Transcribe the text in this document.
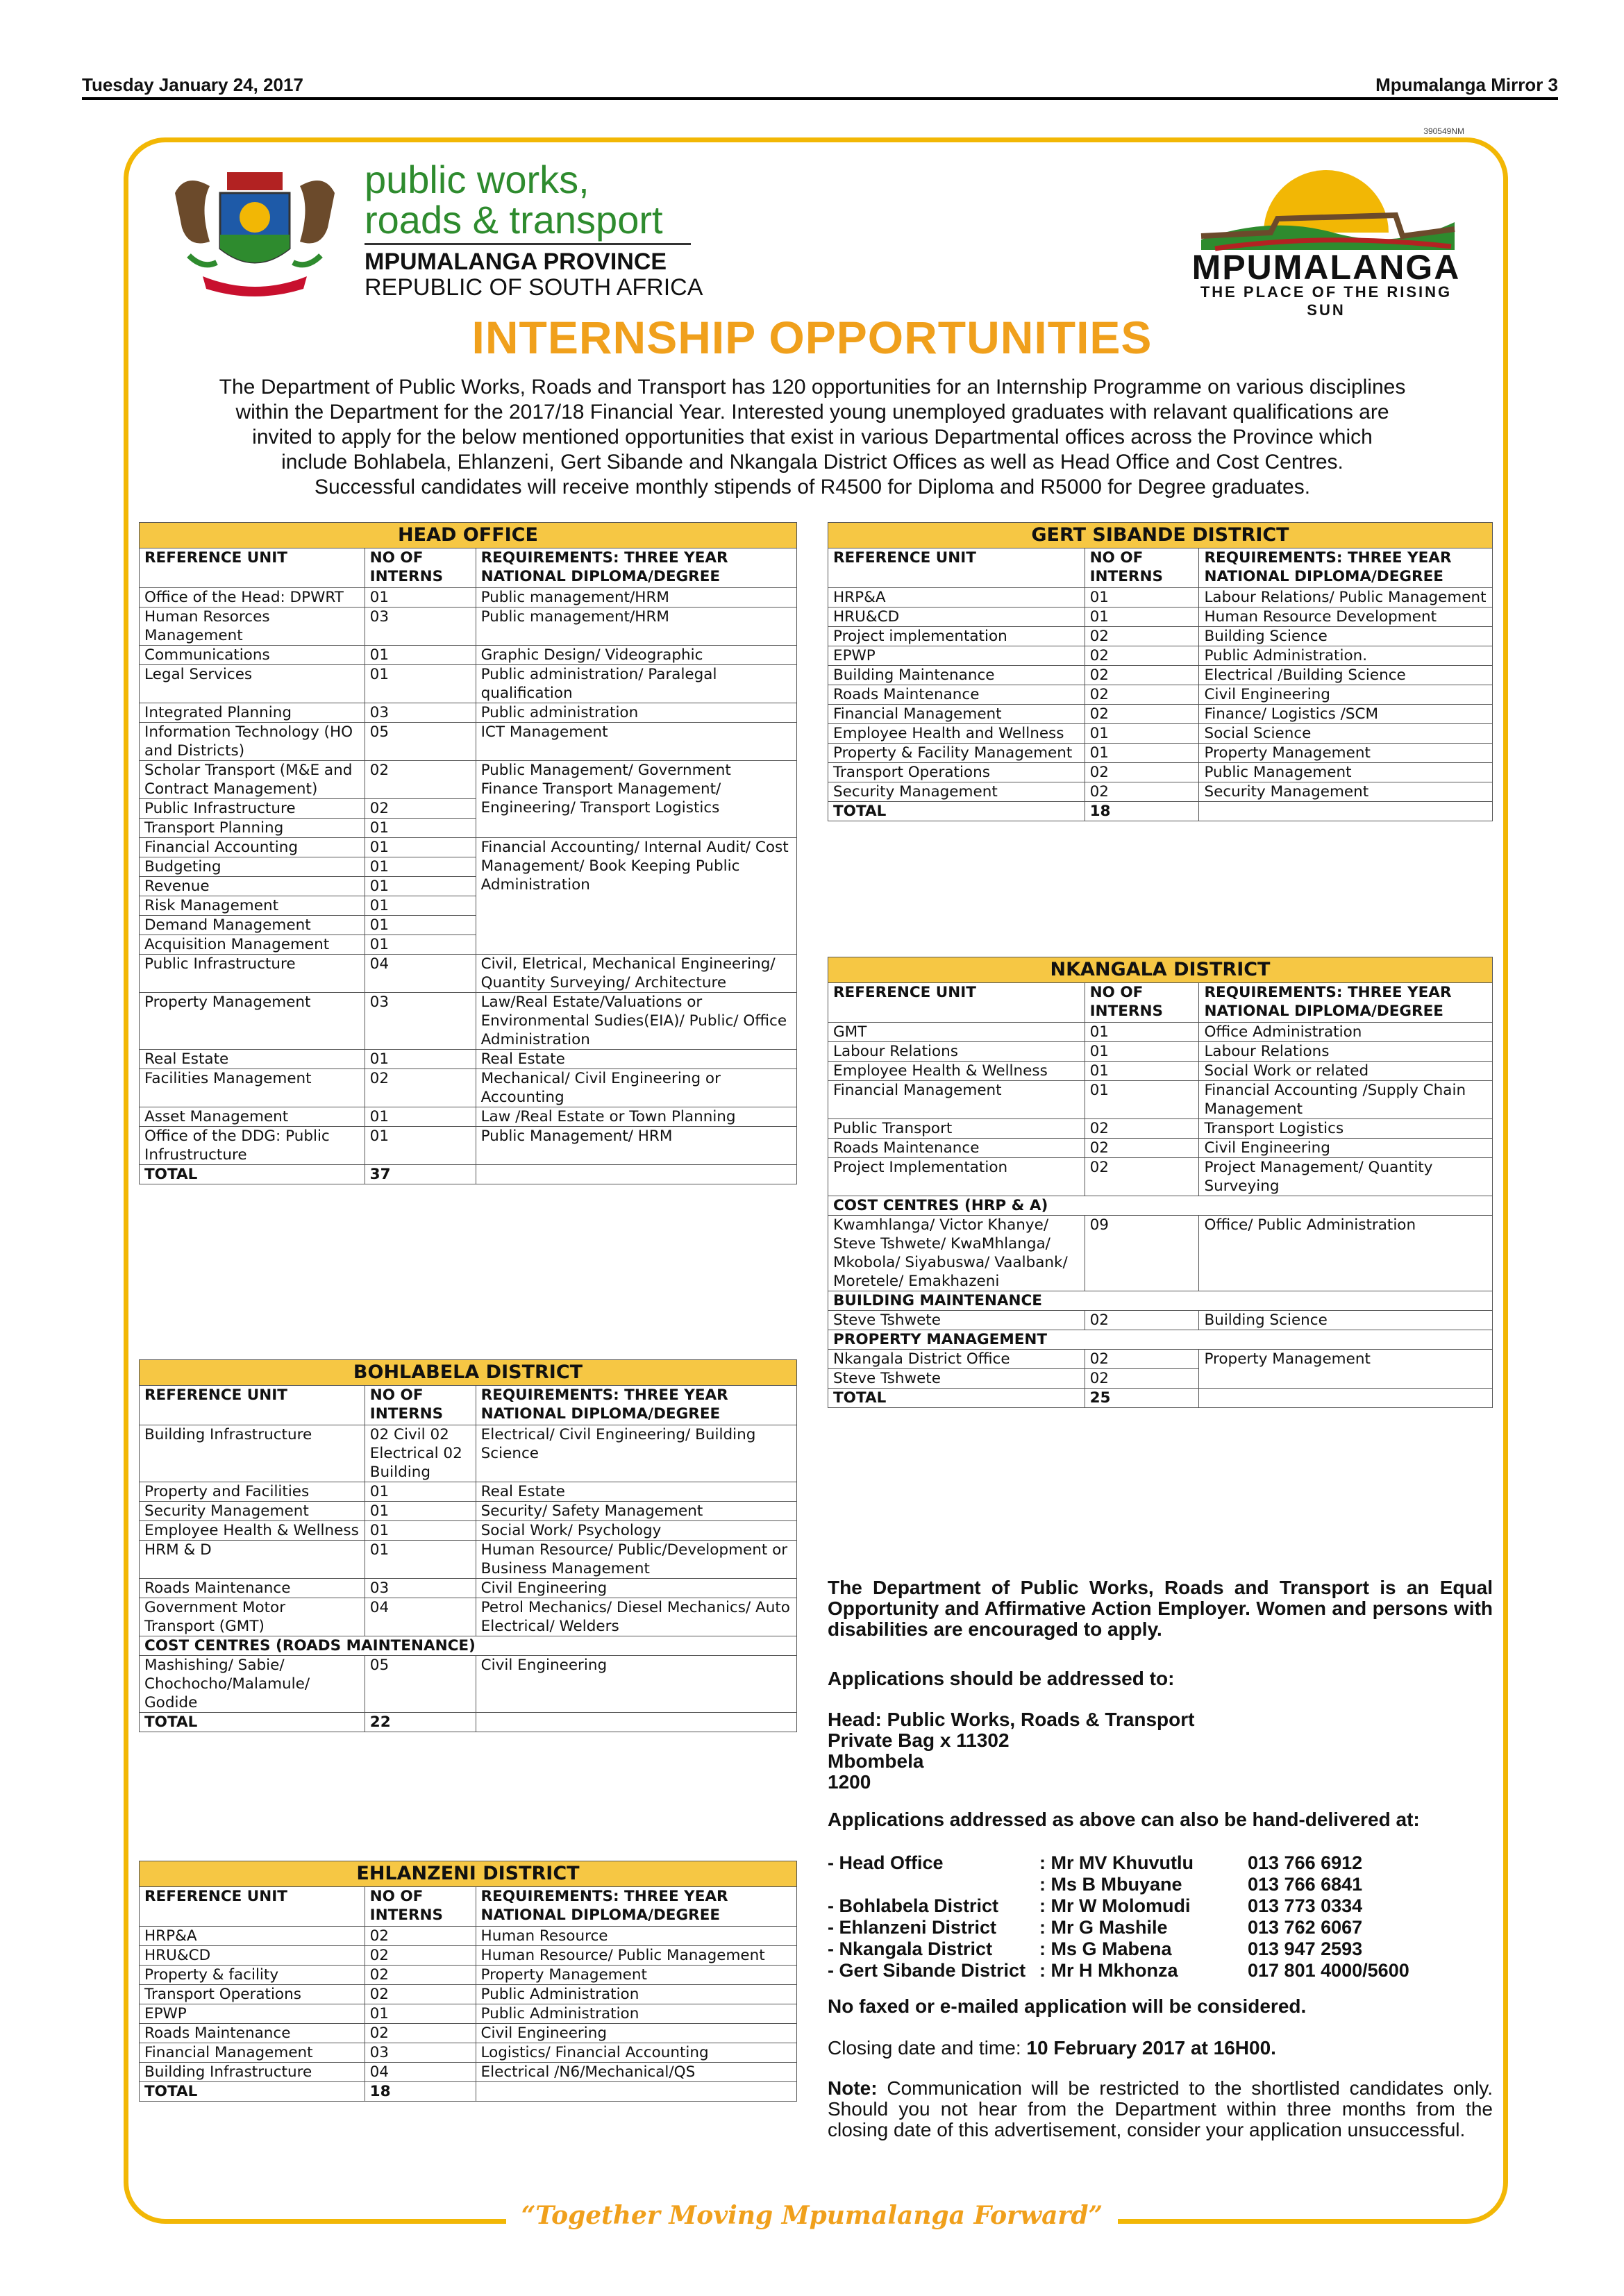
Tuesday January 24, 2017	Mpumalanga Mirror 3
390549NM
public works,
roads & transport
MPUMALANGA PROVINCE
REPUBLIC OF SOUTH AFRICA
MPUMALANGA
THE PLACE OF THE RISING SUN
INTERNSHIP OPPORTUNITIES
The Department of Public Works, Roads and Transport has 120 opportunities for an Internship Programme on various disciplines
within the Department for the 2017/18 Financial Year. Interested young unemployed graduates with relavant qualifications are
invited to apply for the below mentioned opportunities that exist in various Departmental offices across the Province which
include Bohlabela, Ehlanzeni, Gert Sibande and Nkangala District Offices as well as Head Office and Cost Centres.
Successful candidates will receive monthly stipends of R4500 for Diploma and R5000 for Degree graduates.
HEAD OFFICE
REFERENCE UNIT	NO OF INTERNS	REQUIREMENTS: THREE YEAR NATIONAL DIPLOMA/DEGREE
Office of the Head: DPWRT	01	Public management/HRM
Human Resorces Management	03	Public management/HRM
Communications	01	Graphic Design/ Videographic
Legal Services	01	Public administration/ Paralegal qualification
Integrated Planning	03	Public administration
Information Technology (HO and Districts)	05	ICT Management
Scholar Transport (M&E and Contract Management)	02	Public Management/ Government Finance Transport Management/ Engineering/ Transport Logistics
Public Infrastructure	02	
Transport Planning	01	
Financial Accounting	01	Financial Accounting/ Internal Audit/ Cost Management/ Book Keeping Public Administration
Budgeting	01	
Revenue	01	
Risk Management	01	
Demand Management	01	
Acquisition Management	01	
Public Infrastructure	04	Civil, Eletrical, Mechanical Engineering/ Quantity Surveying/ Architecture
Property Management	03	Law/Real Estate/Valuations or Environmental Sudies(EIA)/ Public/ Office Administration
Real Estate	01	Real Estate
Facilities Management	02	Mechanical/ Civil Engineering or Accounting
Asset Management	01	Law /Real Estate or Town Planning
Office of the DDG: Public Infrustructure	01	Public Management/ HRM
TOTAL	37	
BOHLABELA DISTRICT
REFERENCE UNIT	NO OF INTERNS	REQUIREMENTS: THREE YEAR NATIONAL DIPLOMA/DEGREE
Building Infrastructure	02 Civil 02 Electrical 02 Building	Electrical/ Civil Engineering/ Building Science
Property and Facilities	01	Real Estate
Security Management	01	Security/ Safety Management
Employee Health & Wellness	01	Social Work/ Psychology
HRM & D	01	Human Resource/ Public/Development or Business Management
Roads Maintenance	03	Civil Engineering
Government Motor Transport (GMT)	04	Petrol Mechanics/ Diesel Mechanics/ Auto Electrical/ Welders
COST CENTRES (ROADS MAINTENANCE)		
Mashishing/ Sabie/ Chochocho/Malamule/ Godide	05	Civil Engineering
TOTAL	22	
EHLANZENI DISTRICT
REFERENCE UNIT	NO OF INTERNS	REQUIREMENTS: THREE YEAR NATIONAL DIPLOMA/DEGREE
HRP&A	02	Human Resource
HRU&CD	02	Human Resource/ Public Management
Property & facility	02	Property Management
Transport Operations	02	Public Administration
EPWP	01	Public Administration
Roads Maintenance	02	Civil Engineering
Financial Management	03	Logistics/ Financial Accounting
Building Infrastructure	04	Electrical /N6/Mechanical/QS
TOTAL	18	
GERT SIBANDE DISTRICT
REFERENCE UNIT	NO OF INTERNS	REQUIREMENTS: THREE YEAR NATIONAL DIPLOMA/DEGREE
HRP&A	01	Labour Relations/ Public Management
HRU&CD	01	Human Resource Development
Project implementation	02	Building Science
EPWP	02	Public Administration.
Building Maintenance	02	Electrical /Building Science
Roads Maintenance	02	Civil Engineering
Financial Management	02	Finance/ Logistics /SCM
Employee Health and Wellness	01	Social Science
Property & Facility Management	01	Property Management
Transport Operations	02	Public Management
Security Management	02	Security Management
TOTAL	18	
NKANGALA DISTRICT
REFERENCE UNIT	NO OF INTERNS	REQUIREMENTS: THREE YEAR NATIONAL DIPLOMA/DEGREE
GMT	01	Office Administration
Labour Relations	01	Labour Relations
Employee Health & Wellness	01	Social Work or related
Financial Management	01	Financial Accounting /Supply Chain Management
Public Transport	02	Transport Logistics
Roads Maintenance	02	Civil Engineering
Project Implementation	02	Project Management/ Quantity Surveying
COST CENTRES (HRP & A)		
Kwamhlanga/ Victor Khanye/ Steve Tshwete/ KwaMhlanga/ Mkobola/ Siyabuswa/ Vaalbank/ Moretele/ Emakhazeni	09	Office/ Public Administration
BUILDING MAINTENANCE		
Steve Tshwete	02	Building Science
PROPERTY MANAGEMENT		
Nkangala District Office	02	Property Management
Steve Tshwete	02	
TOTAL	25	
The Department of Public Works, Roads and Transport is an Equal Opportunity and Affirmative Action Employer. Women and persons with disabilities are encouraged to apply.
Applications should be addressed to:
Head: Public Works, Roads & Transport
Private Bag x 11302
Mbombela
1200
Applications addressed as above can also be hand-delivered at:
- Head Office	: Mr MV Khuvutlu	013 766 6912
	: Ms B Mbuyane	013 766 6841
- Bohlabela District	: Mr W Molomudi	013 773 0334
- Ehlanzeni District	: Mr G Mashile	013 762 6067
- Nkangala District	: Ms G Mabena	013 947 2593
- Gert Sibande District	: Mr H Mkhonza	017 801 4000/5600
No faxed or e-mailed application will be considered.
Closing date and time: 10 February 2017 at 16H00.
Note: Communication will be restricted to the shortlisted candidates only. Should you not hear from the Department within three months from the closing date of this advertisement, consider your application unsuccessful.
“Together Moving Mpumalanga Forward”
